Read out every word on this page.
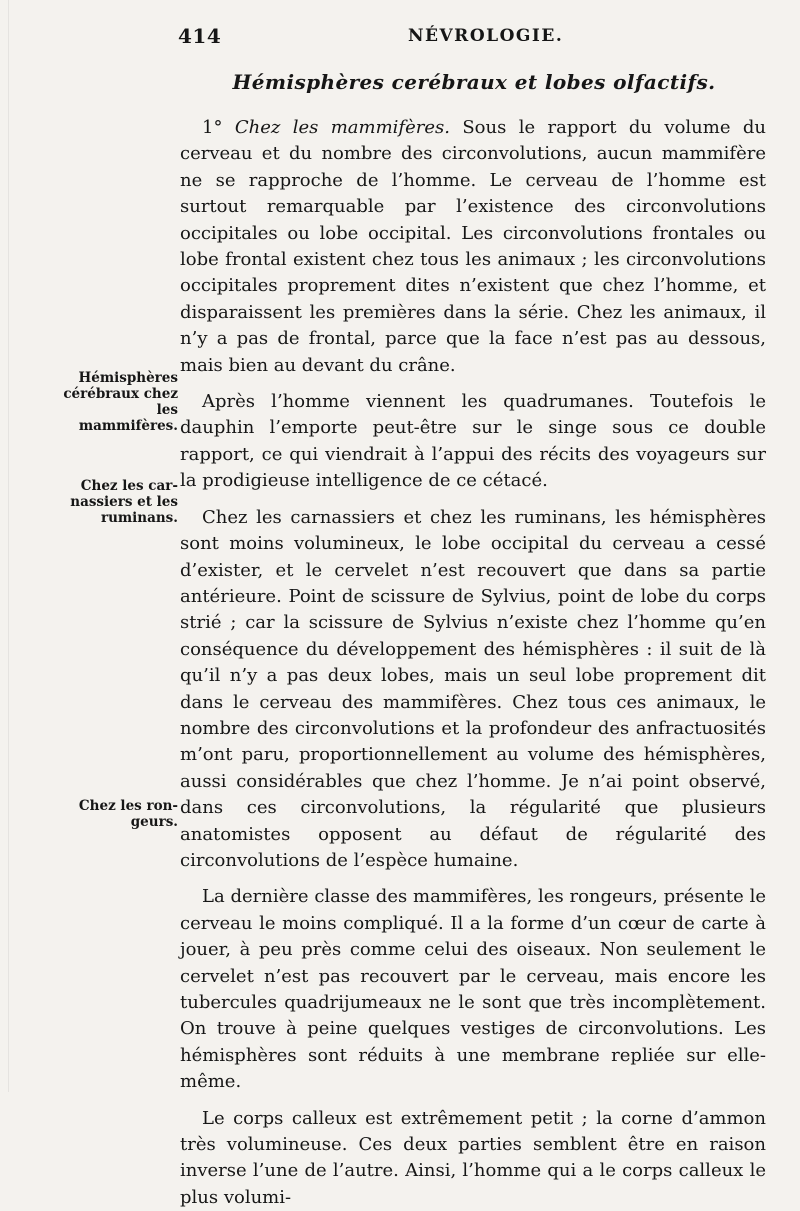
414	NÉVROLOGIE.
Hémisphères cerébraux et lobes olfactifs.

1° Chez les mammifères. Sous le rapport du volume du cerveau et du nombre des circonvolutions, aucun mammifère ne se rapproche de l’homme. Le cerveau de l’homme est surtout remarquable par l’existence des circonvolutions occipitales ou lobe occipital. Les circonvolutions frontales ou lobe frontal existent chez tous les animaux ; les circonvolutions occipitales proprement dites n’existent que chez l’homme, et disparaissent les premières dans la série. Chez les animaux, il n’y a pas de frontal, parce que la face n’est pas au dessous, mais bien au devant du crâne.

Après l’homme viennent les quadrumanes. Toutefois le dauphin l’emporte peut-être sur le singe sous ce double rapport, ce qui viendrait à l’appui des récits des voyageurs sur la prodigieuse intelligence de ce cétacé.

Chez les carnassiers et chez les ruminans, les hémisphères sont moins volumineux, le lobe occipital du cerveau a cessé d’exister, et le cervelet n’est recouvert que dans sa partie antérieure. Point de scissure de Sylvius, point de lobe du corps strié ; car la scissure de Sylvius n’existe chez l’homme qu’en conséquence du développement des hémisphères : il suit de là qu’il n’y a pas deux lobes, mais un seul lobe proprement dit dans le cerveau des mammifères. Chez tous ces animaux, le nombre des circonvolutions et la profondeur des anfractuosités m’ont paru, proportionnellement au volume des hémisphères, aussi considérables que chez l’homme. Je n’ai point observé, dans ces circonvolutions, la régularité que plusieurs anatomistes opposent au défaut de régularité des circonvolutions de l’espèce humaine.

La dernière classe des mammifères, les rongeurs, présente le cerveau le moins compliqué. Il a la forme d’un cœur de carte à jouer, à peu près comme celui des oiseaux. Non seulement le cervelet n’est pas recouvert par le cerveau, mais encore les tubercules quadrijumeaux ne le sont que très incomplètement. On trouve à peine quelques vestiges de circonvolutions. Les hémisphères sont réduits à une membrane repliée sur elle-même.

Le corps calleux est extrêmement petit ; la corne d’ammon très volumineuse. Ces deux parties semblent être en raison inverse l’une de l’autre. Ainsi, l’homme qui a le corps calleux le plus volumi-

Hémisphères cérébraux chez les mammifères.
Chez les carnassiers et les ruminans.
Chez les rongeurs.
